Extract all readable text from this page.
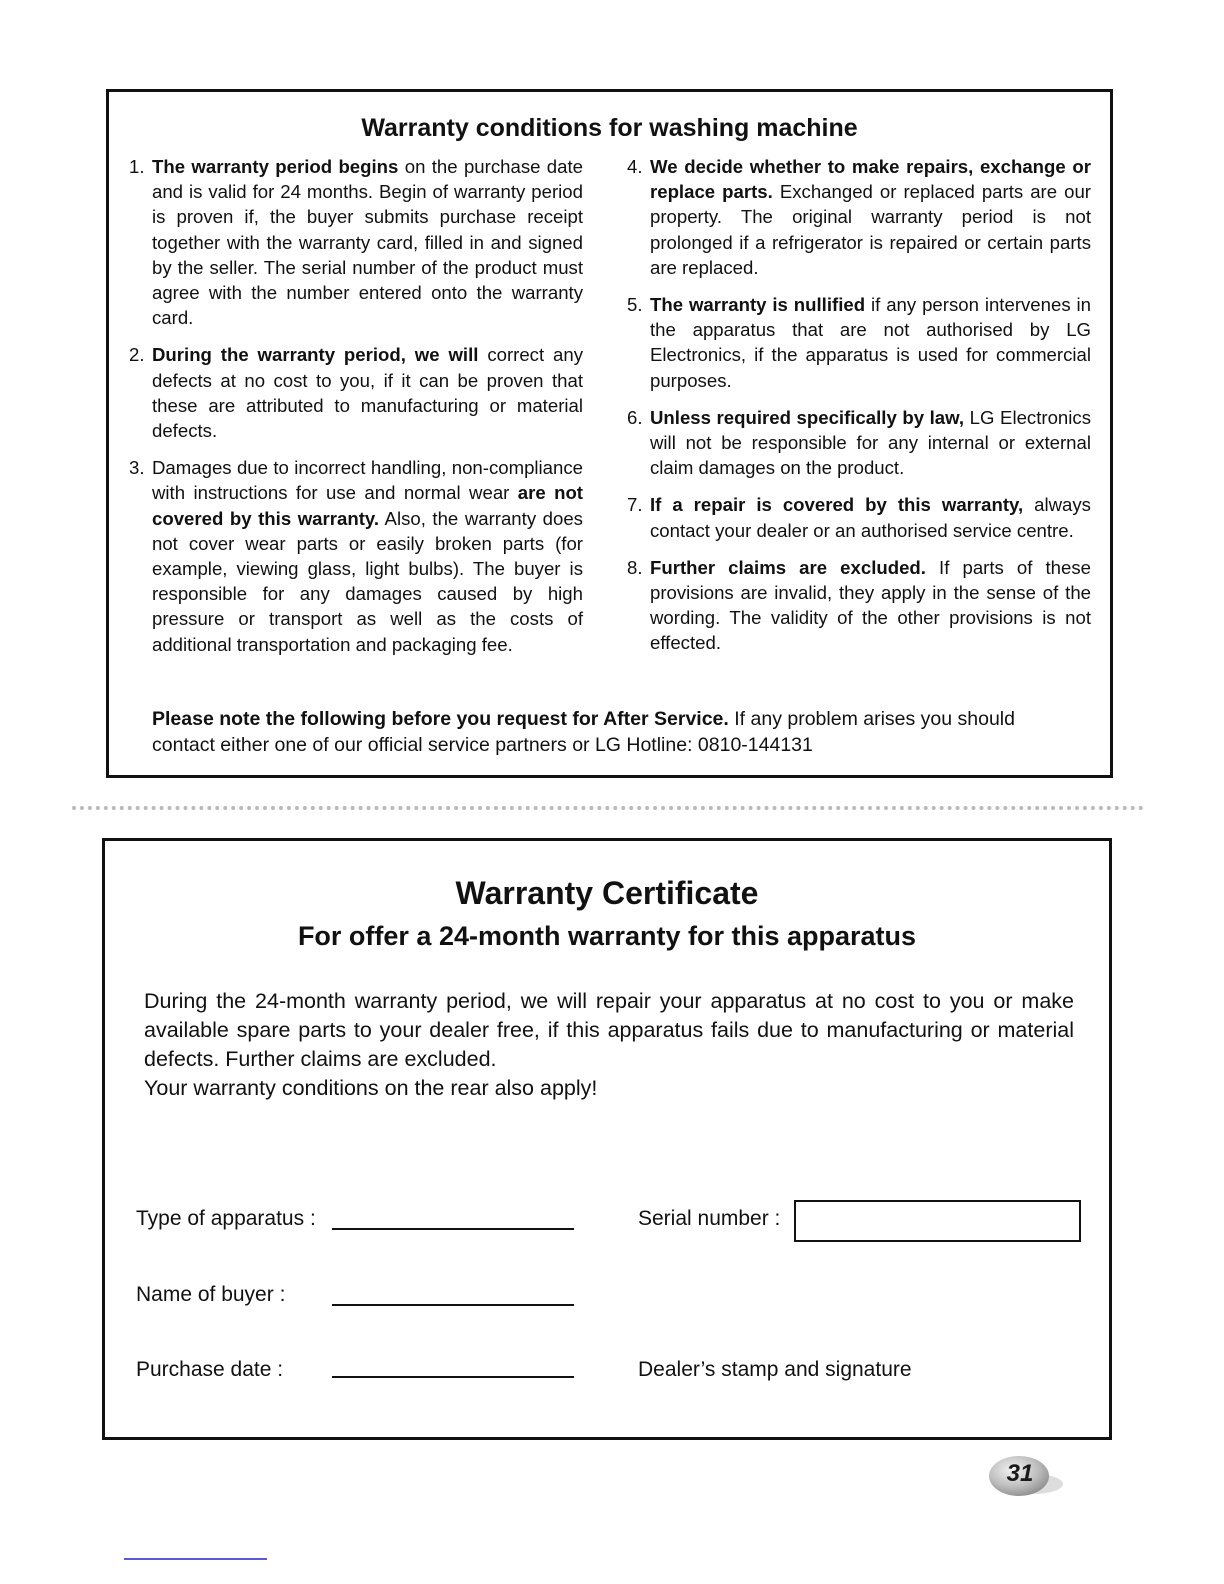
Warranty conditions for washing machine
1. The warranty period begins on the purchase date and is valid for 24 months. Begin of warranty period is proven if, the buyer submits purchase receipt together with the warranty card, filled in and signed by the seller. The serial number of the product must agree with the number entered onto the warranty card.
2. During the warranty period, we will correct any defects at no cost to you, if it can be proven that these are attributed to manufacturing or material defects.
3. Damages due to incorrect handling, non-compliance with instructions for use and normal wear are not covered by this warranty. Also, the warranty does not cover wear parts or easily broken parts (for example, viewing glass, light bulbs). The buyer is responsible for any damages caused by high pressure or transport as well as the costs of additional transportation and packaging fee.
4. We decide whether to make repairs, exchange or replace parts. Exchanged or replaced parts are our property. The original warranty period is not prolonged if a refrigerator is repaired or certain parts are replaced.
5. The warranty is nullified if any person intervenes in the apparatus that are not authorised by LG Electronics, if the apparatus is used for commercial purposes.
6. Unless required specifically by law, LG Electronics will not be responsible for any internal or external claim damages on the product.
7. If a repair is covered by this warranty, always contact your dealer or an authorised service centre.
8. Further claims are excluded. If parts of these provisions are invalid, they apply in the sense of the wording. The validity of the other provisions is not effected.
Please note the following before you request for After Service. If any problem arises you should contact either one of our official service partners or LG Hotline: 0810-144131
Warranty Certificate
For offer a 24-month warranty for this apparatus
During the 24-month warranty period, we will repair your apparatus at no cost to you or make available spare parts to your dealer free, if this apparatus fails due to manufacturing or material defects. Further claims are excluded.
Your warranty conditions on the rear also apply!
Type of apparatus :	Serial number :
Name of buyer :
Purchase date :	Dealer’s stamp and signature
31
